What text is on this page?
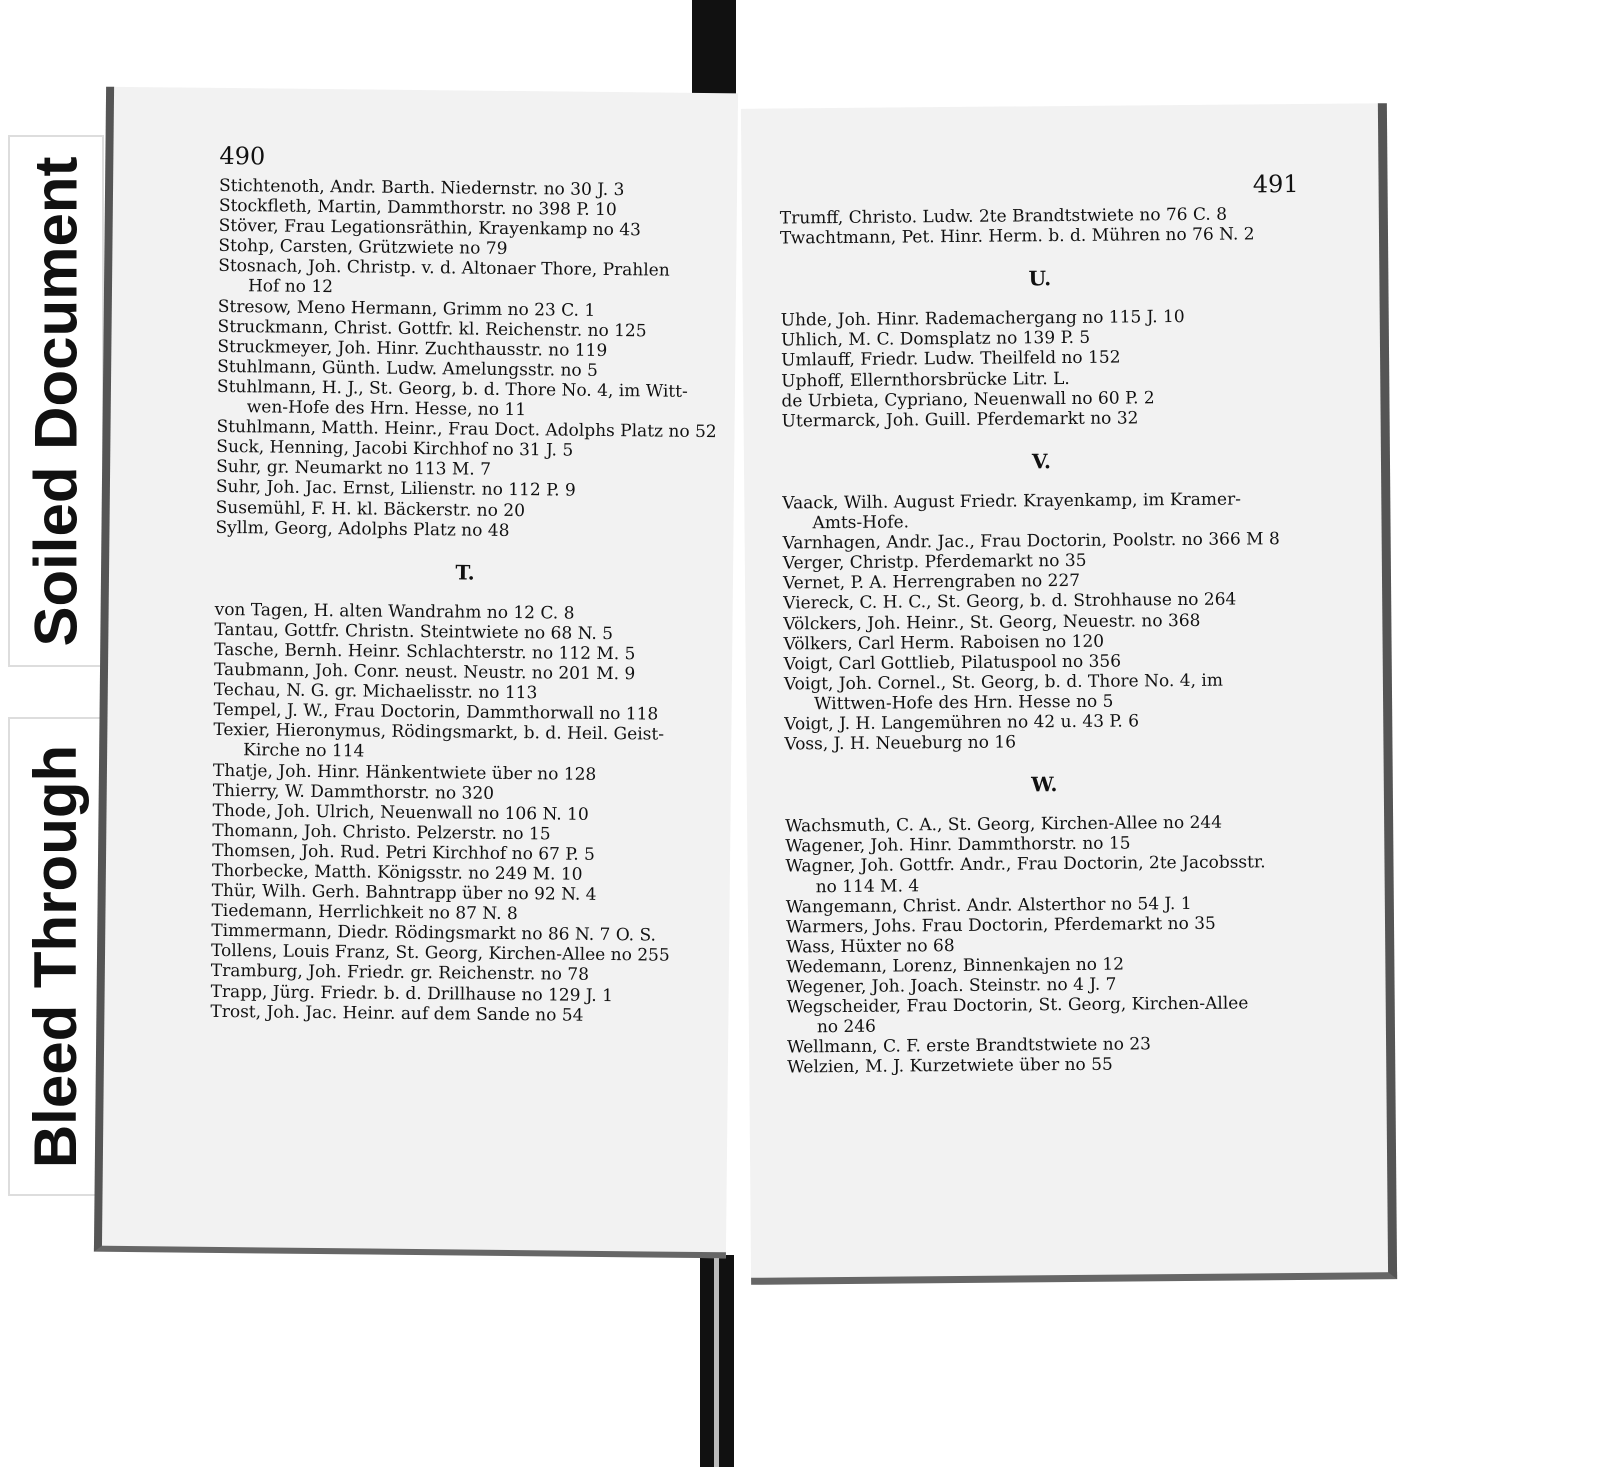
Soiled Document
Bleed Through
490
Stichtenoth, Andr. Barth. Niedernstr. no 30 J. 3
Stockfleth, Martin, Dammthorstr. no 398 P. 10
Stöver, Frau Legationsräthin, Krayenkamp no 43
Stohp, Carsten, Grützwiete no 79
Stosnach, Joh. Christp. v. d. Altonaer Thore, Prahlen
Hof no 12
Stresow, Meno Hermann, Grimm no 23 C. 1
Struckmann, Christ. Gottfr. kl. Reichenstr. no 125
Struckmeyer, Joh. Hinr. Zuchthausstr. no 119
Stuhlmann, Günth. Ludw. Amelungsstr. no 5
Stuhlmann, H. J., St. Georg, b. d. Thore No. 4, im Witt-
wen-Hofe des Hrn. Hesse, no 11
Stuhlmann, Matth. Heinr., Frau Doct. Adolphs Platz no 52
Suck, Henning, Jacobi Kirchhof no 31 J. 5
Suhr, gr. Neumarkt no 113 M. 7
Suhr, Joh. Jac. Ernst, Lilienstr. no 112 P. 9
Susemühl, F. H. kl. Bäckerstr. no 20
Syllm, Georg, Adolphs Platz no 48
T.
von Tagen, H. alten Wandrahm no 12 C. 8
Tantau, Gottfr. Christn. Steintwiete no 68 N. 5
Tasche, Bernh. Heinr. Schlachterstr. no 112 M. 5
Taubmann, Joh. Conr. neust. Neustr. no 201 M. 9
Techau, N. G. gr. Michaelisstr. no 113
Tempel, J. W., Frau Doctorin, Dammthorwall no 118
Texier, Hieronymus, Rödingsmarkt, b. d. Heil. Geist-
Kirche no 114
Thatje, Joh. Hinr. Hänkentwiete über no 128
Thierry, W. Dammthorstr. no 320
Thode, Joh. Ulrich, Neuenwall no 106 N. 10
Thomann, Joh. Christo. Pelzerstr. no 15
Thomsen, Joh. Rud. Petri Kirchhof no 67 P. 5
Thorbecke, Matth. Königsstr. no 249 M. 10
Thür, Wilh. Gerh. Bahntrapp über no 92 N. 4
Tiedemann, Herrlichkeit no 87 N. 8
Timmermann, Diedr. Rödingsmarkt no 86 N. 7 O. S.
Tollens, Louis Franz, St. Georg, Kirchen-Allee no 255
Tramburg, Joh. Friedr. gr. Reichenstr. no 78
Trapp, Jürg. Friedr. b. d. Drillhause no 129 J. 1
Trost, Joh. Jac. Heinr. auf dem Sande no 54
491
Trumff, Christo. Ludw. 2te Brandtstwiete no 76 C. 8
Twachtmann, Pet. Hinr. Herm. b. d. Mühren no 76 N. 2
U.
Uhde, Joh. Hinr. Rademachergang no 115 J. 10
Uhlich, M. C. Domsplatz no 139 P. 5
Umlauff, Friedr. Ludw. Theilfeld no 152
Uphoff, Ellernthorsbrücke Litr. L.
de Urbieta, Cypriano, Neuenwall no 60 P. 2
Utermarck, Joh. Guill. Pferdemarkt no 32
V.
Vaack, Wilh. August Friedr. Krayenkamp, im Kramer-
Amts-Hofe.
Varnhagen, Andr. Jac., Frau Doctorin, Poolstr. no 366 M 8
Verger, Christp. Pferdemarkt no 35
Vernet, P. A. Herrengraben no 227
Viereck, C. H. C., St. Georg, b. d. Strohhause no 264
Völckers, Joh. Heinr., St. Georg, Neuestr. no 368
Völkers, Carl Herm. Raboisen no 120
Voigt, Carl Gottlieb, Pilatuspool no 356
Voigt, Joh. Cornel., St. Georg, b. d. Thore No. 4, im
Wittwen-Hofe des Hrn. Hesse no 5
Voigt, J. H. Langemühren no 42 u. 43 P. 6
Voss, J. H. Neueburg no 16
W.
Wachsmuth, C. A., St. Georg, Kirchen-Allee no 244
Wagener, Joh. Hinr. Dammthorstr. no 15
Wagner, Joh. Gottfr. Andr., Frau Doctorin, 2te Jacobsstr.
no 114 M. 4
Wangemann, Christ. Andr. Alsterthor no 54 J. 1
Warmers, Johs. Frau Doctorin, Pferdemarkt no 35
Wass, Hüxter no 68
Wedemann, Lorenz, Binnenkajen no 12
Wegener, Joh. Joach. Steinstr. no 4 J. 7
Wegscheider, Frau Doctorin, St. Georg, Kirchen-Allee
no 246
Wellmann, C. F. erste Brandtstwiete no 23
Welzien, M. J. Kurzetwiete über no 55
